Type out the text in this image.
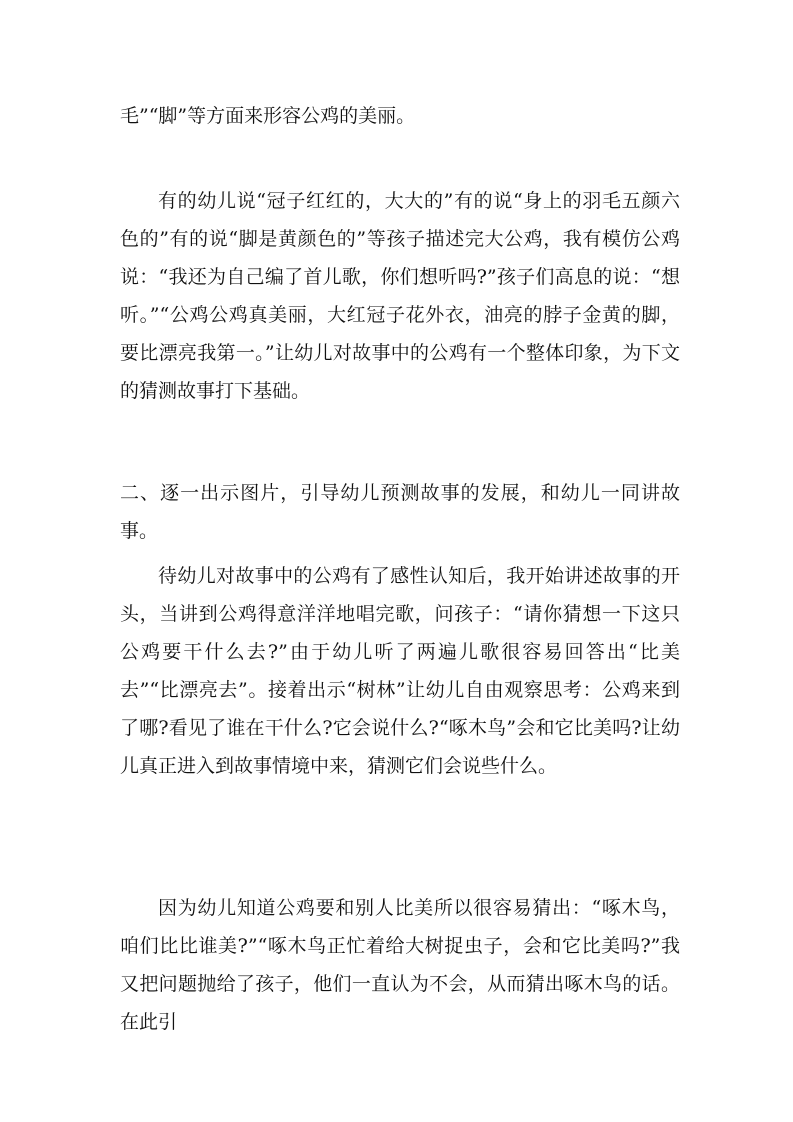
毛”“脚”等方面来形容公鸡的美丽。

有的幼儿说“冠子红红的，大大的”有的说“身上的羽毛五颜六色的”有的说“脚是黄颜色的”等孩子描述完大公鸡，我有模仿公鸡说：“我还为自己编了首儿歌，你们想听吗?”孩子们高息的说：“想听。”“公鸡公鸡真美丽，大红冠子花外衣，油亮的脖子金黄的脚，要比漂亮我第一。”让幼儿对故事中的公鸡有一个整体印象，为下文的猜测故事打下基础。

二、逐一出示图片，引导幼儿预测故事的发展，和幼儿一同讲故事。

待幼儿对故事中的公鸡有了感性认知后，我开始讲述故事的开头，当讲到公鸡得意洋洋地唱完歌，问孩子：“请你猜想一下这只公鸡要干什么去?”由于幼儿听了两遍儿歌很容易回答出“比美去”“比漂亮去”。接着出示“树林”让幼儿自由观察思考：公鸡来到了哪?看见了谁在干什么?它会说什么?“啄木鸟”会和它比美吗?让幼儿真正进入到故事情境中来，猜测它们会说些什么。

因为幼儿知道公鸡要和别人比美所以很容易猜出：“啄木鸟，咱们比比谁美?”“啄木鸟正忙着给大树捉虫子，会和它比美吗?”我又把问题抛给了孩子，他们一直认为不会，从而猜出啄木鸟的话。在此引
